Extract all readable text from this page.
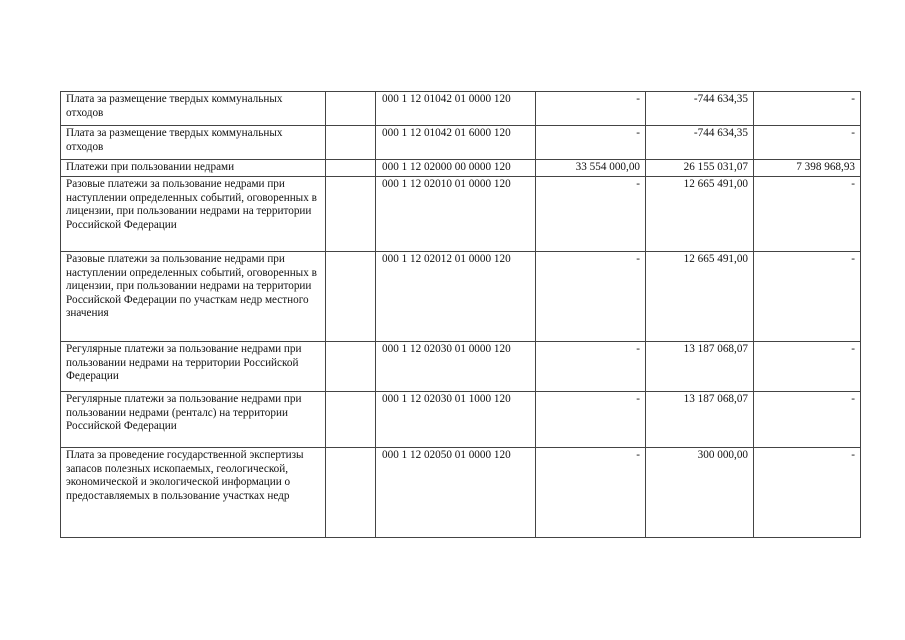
Плата за размещение твердых коммунальных отходов		000 1 12 01042 01 0000 120	-	-744 634,35	-
Плата за размещение твердых коммунальных отходов		000 1 12 01042 01 6000 120	-	-744 634,35	-
Платежи при пользовании недрами		000 1 12 02000 00 0000 120	33 554 000,00	26 155 031,07	7 398 968,93
Разовые платежи за пользование недрами при наступлении определенных событий, оговоренных в лицензии, при пользовании недрами на территории Российской Федерации		000 1 12 02010 01 0000 120	-	12 665 491,00	-
Разовые платежи за пользование недрами при наступлении определенных событий, оговоренных в лицензии, при пользовании недрами на территории Российской Федерации по участкам недр местного значения		000 1 12 02012 01 0000 120	-	12 665 491,00	-
Регулярные платежи за пользование недрами при пользовании недрами на территории Российской Федерации		000 1 12 02030 01 0000 120	-	13 187 068,07	-
Регулярные платежи за пользование недрами при пользовании недрами (ренталс) на территории Российской Федерации		000 1 12 02030 01 1000 120	-	13 187 068,07	-
Плата за проведение государственной экспертизы запасов полезных ископаемых, геологической, экономической и экологической информации о предоставляемых в пользование участках недр		000 1 12 02050 01 0000 120	-	300 000,00	-
